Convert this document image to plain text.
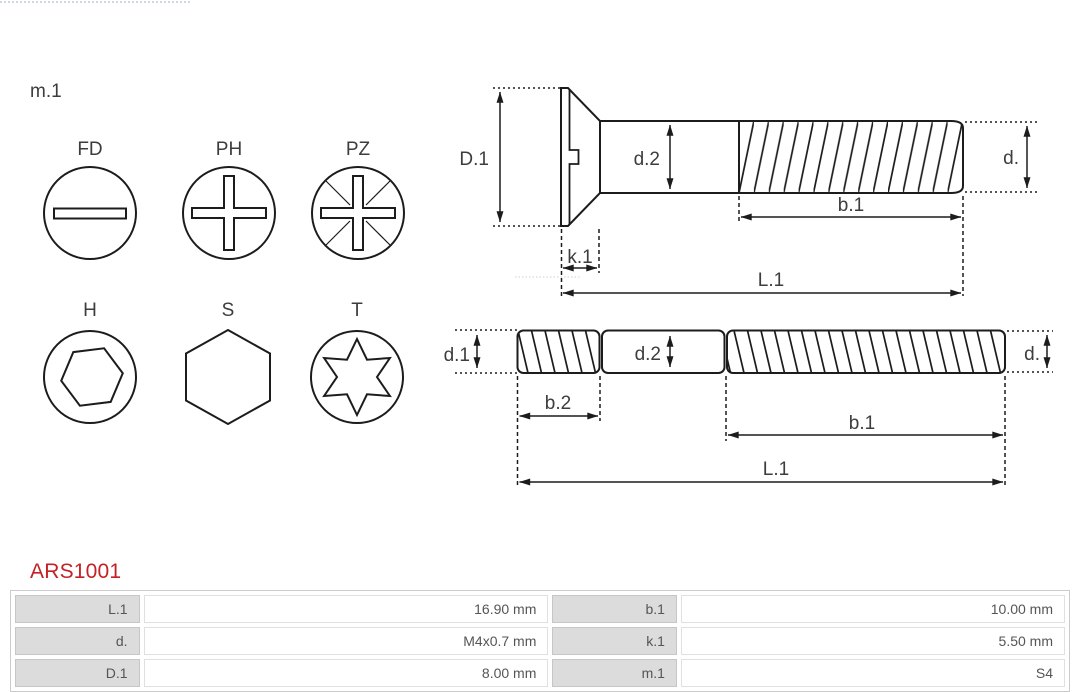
m.1
FD	PH	PZ
H	S	T
D.1	d.2	d.
b.1
k.1
L.1
d.1	d.2	d.
b.2
b.1
L.1
ARS1001
L.1	16.90 mm	b.1	10.00 mm
d.	M4x0.7 mm	k.1	5.50 mm
D.1	8.00 mm	m.1	S4
